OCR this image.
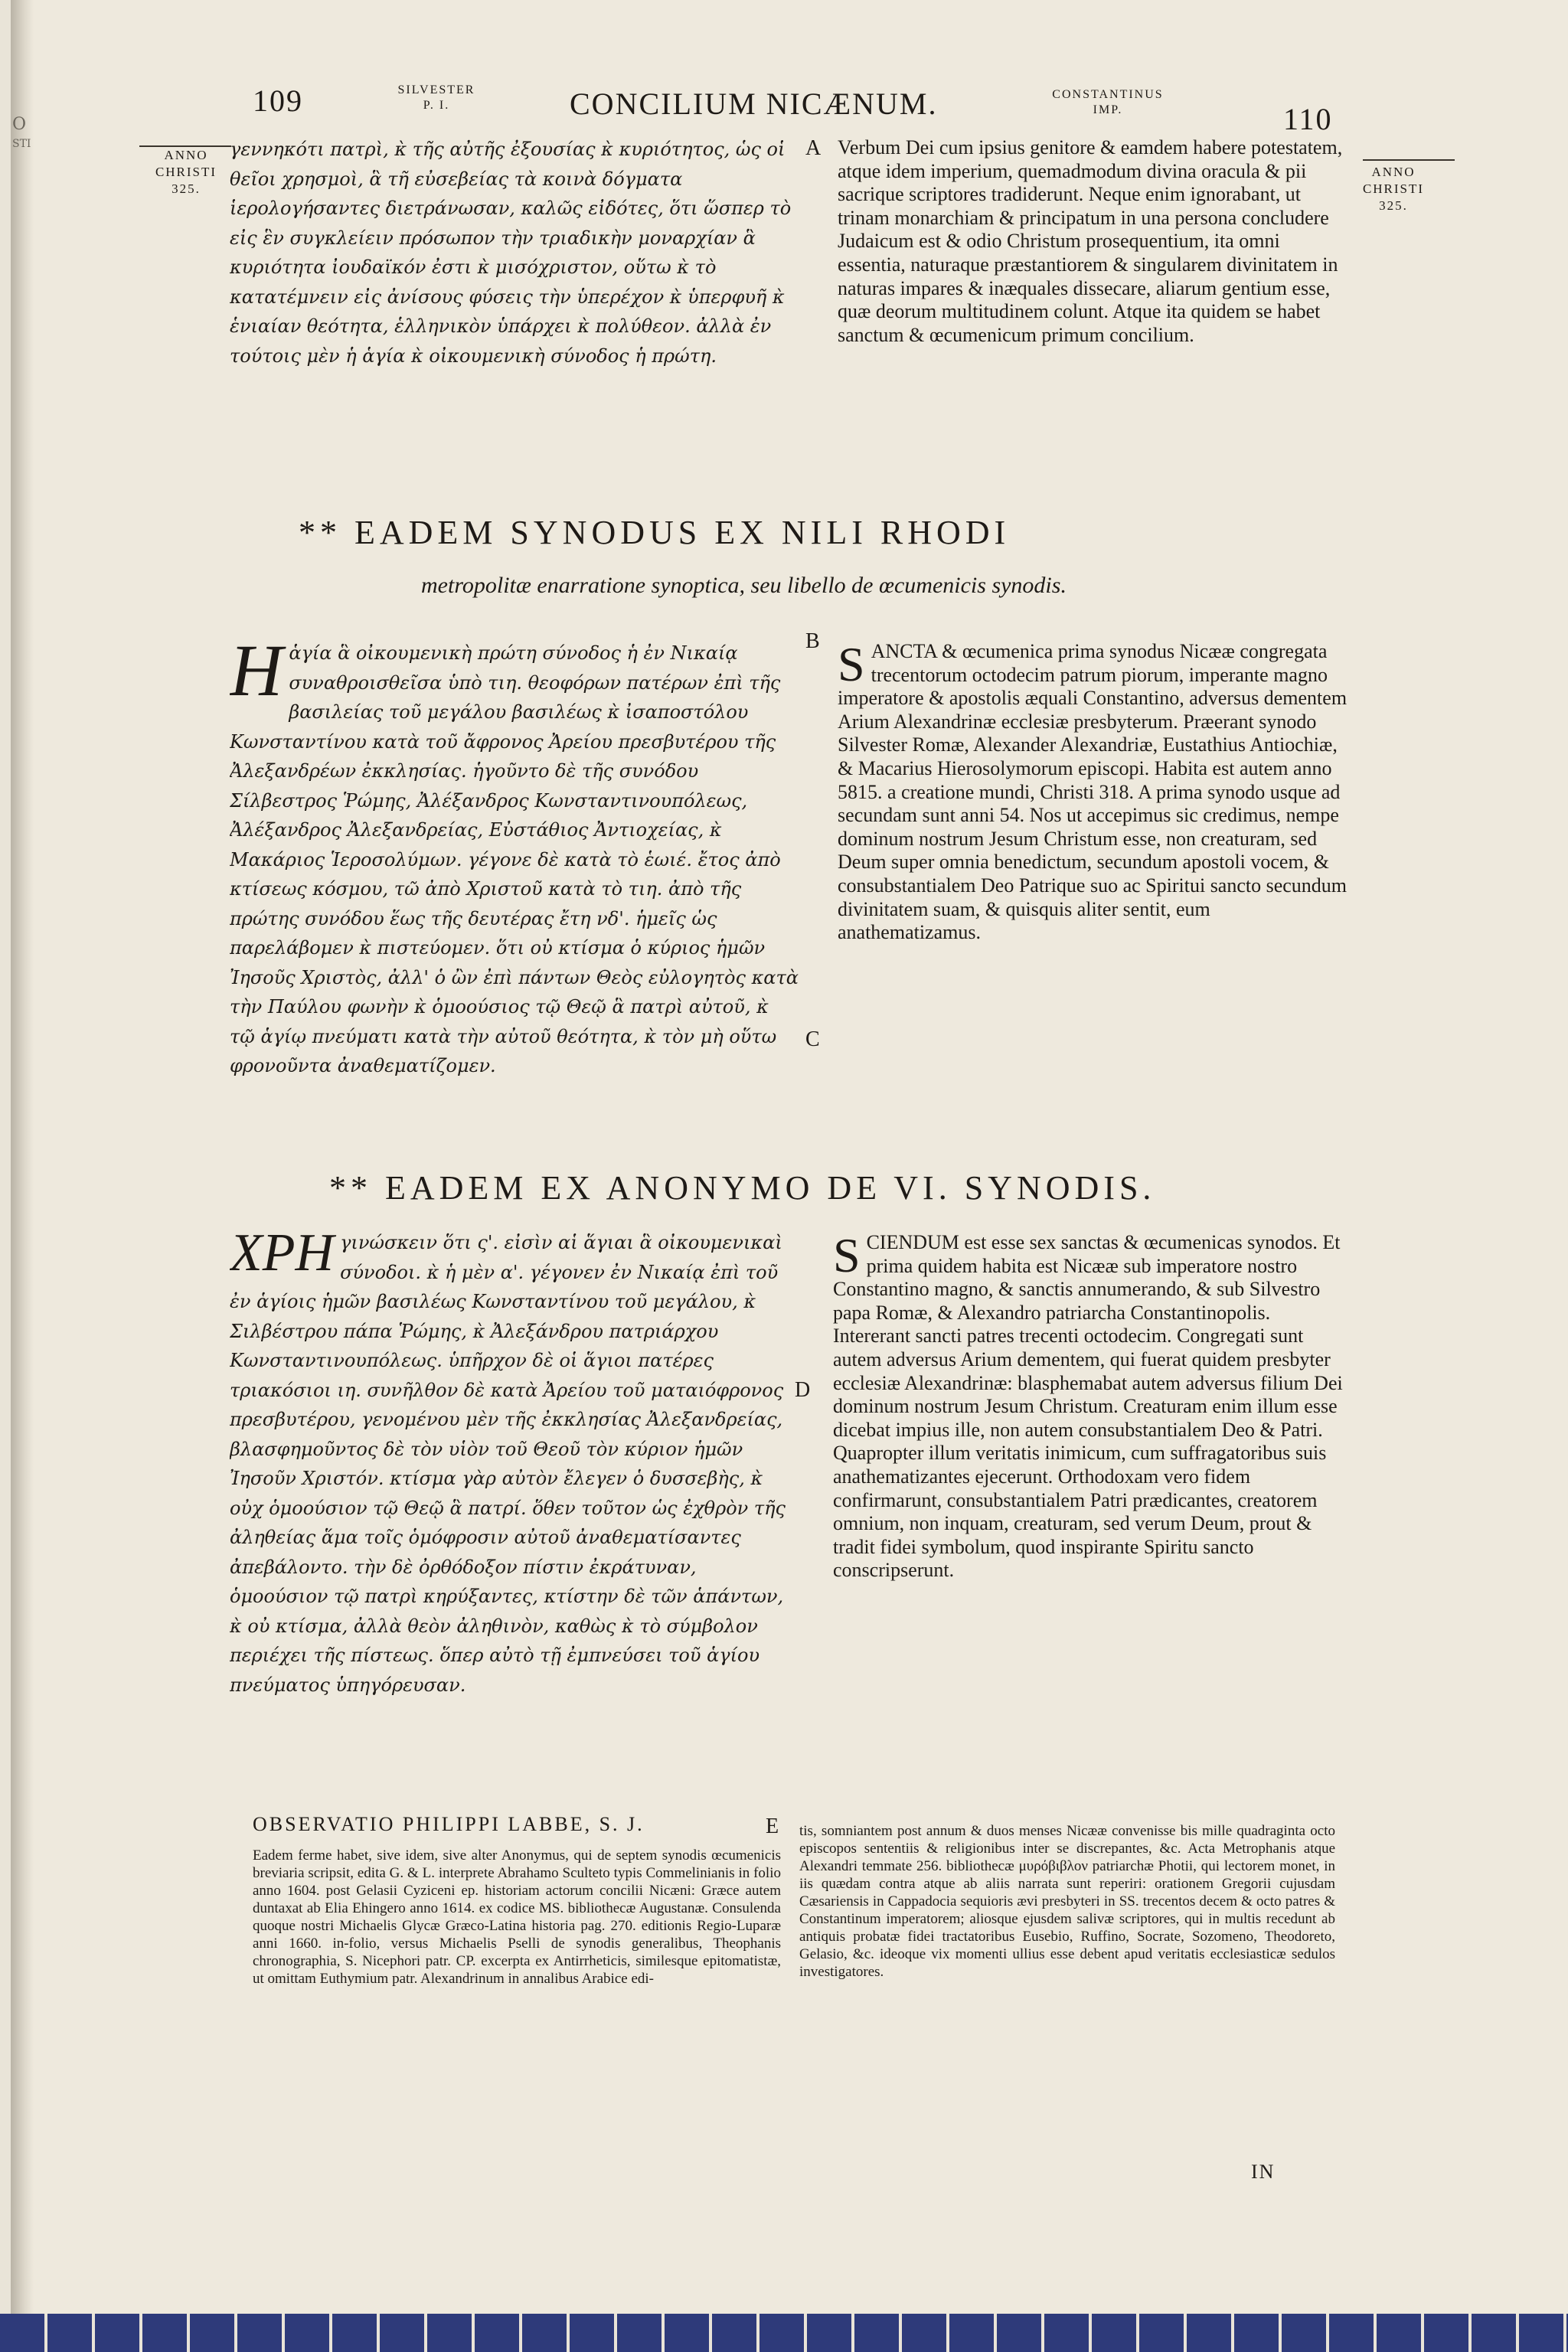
O
STI
109	SILVESTER
P. I.	CONCILIUM NICÆNUM.	CONSTANTINUS
IMP.	110
ANNO
CHRISTI
325.
ANNO
CHRISTI
325.
γεννηκότι πατρὶ, κ̀ τῆς αὐτῆς ἐξουσίας κ̀ κυριότητος, ὡς οἱ θεῖοι χρησμοὶ, ἃ τῆ εὐσεβείας τὰ κοινὰ δόγματα ἱερολογήσαντες διετράνωσαν, καλῶς εἰδότες, ὅτι ὥσπερ τὸ εἰς ἓν συγκλείειν πρόσωπον τὴν τριαδικὴν μοναρχίαν ἃ κυριότητα ἰουδαϊκόν ἐστι κ̀ μισόχριστον, οὕτω κ̀ τὸ κατατέμνειν εἰς ἀνίσους φύσεις τὴν ὑπερέχον κ̀ ὑπερφυῆ κ̀ ἑνιαίαν θεότητα, ἑλληνικὸν ὑπάρχει κ̀ πολύθεον. ἀλλὰ ἐν τούτοις μὲν ἡ ἁγία κ̀ οἰκουμενικὴ σύνοδος ἡ πρώτη.
A Verbum Dei cum ipsius genitore & eamdem habere potestatem, atque idem imperium, quemadmodum divina oracula & pii sacrique scriptores tradiderunt. Neque enim ignorabant, ut trinam monarchiam & principatum in una persona concludere Judaicum est & odio Christum prosequentium, ita omni essentia, naturaque præstantiorem & singularem divinitatem in naturas impares & inæquales dissecare, aliarum gentium esse, quæ deorum multitudinem colunt. Atque ita quidem se habet sanctum & œcumenicum primum concilium.
** EADEM SYNODUS EX NILI RHODI
metropolitæ enarratione synoptica, seu libello de œcumenicis synodis.
Ηἁγία ἃ οἰκουμενικὴ πρώτη σύνοδος ἡ ἐν Νικαίᾳ συναθροισθεῖσα ὑπὸ τιη. θεοφόρων πατέρων ἐπὶ τῆς βασιλείας τοῦ μεγάλου βασιλέως κ̀ ἰσαποστόλου Κωνσταντίνου κατὰ τοῦ ἄφρονος Ἀρείου πρεσβυτέρου τῆς Ἀλεξανδρέων ἐκκλησίας. ἡγοῦντο δὲ τῆς συνόδου Σίλβεστρος Ῥώμης, Ἀλέξανδρος Κωνσταντινουπόλεως, Ἀλέξανδρος Ἀλεξανδρείας, Εὐστάθιος Ἀντιοχείας, κ̀ Μακάριος Ἱεροσολύμων. γέγονε δὲ κατὰ τὸ ἑωιέ. ἔτος ἀπὸ κτίσεως κόσμου, τῶ ἀπὸ Χριστοῦ κατὰ τὸ τιη. ἀπὸ τῆς πρώτης συνόδου ἕως τῆς δευτέρας ἔτη νδ'. ἡμεῖς ὡς παρελάβομεν κ̀ πιστεύομεν. ὅτι οὐ κτίσμα ὁ κύριος ἡμῶν Ἰησοῦς Χριστὸς, ἀλλ' ὁ ὢν ἐπὶ πάντων Θεὸς εὐλογητὸς κατὰ τὴν Παύλου φωνὴν κ̀ ὁμοούσιος τῷ Θεῷ ἃ πατρὶ αὐτοῦ, κ̀ τῷ ἁγίῳ πνεύματι κατὰ τὴν αὐτοῦ θεότητα, κ̀ τὸν μὴ οὕτω φρονοῦντα ἀναθεματίζομεν.
B
C
SANCTA & œcumenica prima synodus Nicææ congregata trecentorum octodecim patrum piorum, imperante magno imperatore & apostolis æquali Constantino, adversus dementem Arium Alexandrinæ ecclesiæ presbyterum. Præerant synodo Silvester Romæ, Alexander Alexandriæ, Eustathius Antiochiæ, & Macarius Hierosolymorum episcopi. Habita est autem anno 5815. a creatione mundi, Christi 318. A prima synodo usque ad secundam sunt anni 54. Nos ut accepimus sic credimus, nempe dominum nostrum Jesum Christum esse, non creaturam, sed Deum super omnia benedictum, secundum apostoli vocem, & consubstantialem Deo Patrique suo ac Spiritui sancto secundum divinitatem suam, & quisquis aliter sentit, eum anathematizamus.
** EADEM EX ANONYMO DE VI. SYNODIS.
ΧΡΗ γινώσκειν ὅτι ς'. εἰσὶν αἱ ἅγιαι ἃ οἰκουμενικαὶ σύνοδοι. κ̀ ἡ μὲν α'. γέγονεν ἐν Νικαίᾳ ἐπὶ τοῦ ἐν ἁγίοις ἡμῶν βασιλέως Κωνσταντίνου τοῦ μεγάλου, κ̀ Σιλβέστρου πάπα Ῥώμης, κ̀ Ἀλεξάνδρου πατριάρχου Κωνσταντινουπόλεως. ὑπῆρχον δὲ οἱ ἅγιοι πατέρες τριακόσιοι ιη. συνῆλθον δὲ κατὰ Ἀρείου τοῦ ματαιόφρονος πρεσβυτέρου, γενομένου μὲν τῆς ἐκκλησίας Ἀλεξανδρείας, βλασφημοῦντος δὲ τὸν υἱὸν τοῦ Θεοῦ τὸν κύριον ἡμῶν Ἰησοῦν Χριστόν. κτίσμα γὰρ αὐτὸν ἔλεγεν ὁ δυσσεβὴς, κ̀ οὐχ ὁμοούσιον τῷ Θεῷ ἃ πατρί. ὅθεν τοῦτον ὡς ἐχθρὸν τῆς ἀληθείας ἅμα τοῖς ὁμόφροσιν αὐτοῦ ἀναθεματίσαντες ἀπεβάλοντο. τὴν δὲ ὀρθόδοξον πίστιν ἐκράτυναν, ὁμοούσιον τῷ πατρὶ κηρύξαντες, κτίστην δὲ τῶν ἁπάντων, κ̀ οὐ κτίσμα, ἀλλὰ θεὸν ἀληθινὸν, καθὼς κ̀ τὸ σύμβολον περιέχει τῆς πίστεως. ὅπερ αὐτὸ τῇ ἐμπνεύσει τοῦ ἁγίου πνεύματος ὑπηγόρευσαν.
D
SCIENDUM est esse sex sanctas & œcumenicas synodos. Et prima quidem habita est Nicææ sub imperatore nostro Constantino magno, & sanctis annumerando, & sub Silvestro papa Romæ, & Alexandro patriarcha Constantinopolis. Intererant sancti patres trecenti octodecim. Congregati sunt autem adversus Arium dementem, qui fuerat quidem presbyter ecclesiæ Alexandrinæ: blasphemabat autem adversus filium Dei dominum nostrum Jesum Christum. Creaturam enim illum esse dicebat impius ille, non autem consubstantialem Deo & Patri. Quapropter illum veritatis inimicum, cum suffragatoribus suis anathematizantes ejecerunt. Orthodoxam vero fidem confirmarunt, consubstantialem Patri prædicantes, creatorem omnium, non inquam, creaturam, sed verum Deum, prout & tradit fidei symbolum, quod inspirante Spiritu sancto conscripserunt.
OBSERVATIO PHILIPPI LABBE, S. J.	E
Eadem ferme habet, sive idem, sive alter Anonymus, qui de septem synodis œcumenicis breviaria scripsit, edita G. & L. interprete Abrahamo Sculteto typis Commelinianis in folio anno 1604. post Gelasii Cyziceni ep. historiam actorum concilii Nicæni: Græce autem duntaxat ab Elia Ehingero anno 1614. ex codice MS. bibliothecæ Augustanæ. Consulenda quoque nostri Michaelis Glycæ Græco-Latina historia pag. 270. editionis Regio-Luparæ anni 1660. in-folio, versus Michaelis Pselli de synodis generalibus, Theophanis chronographia, S. Nicephori patr. CP. excerpta ex Antirrheticis, similesque epitomatistæ, ut omittam Euthymium patr. Alexandrinum in annalibus Arabice edi-
tis, somniantem post annum & duos menses Nicææ convenisse bis mille quadraginta octo episcopos sententiis & religionibus inter se discrepantes, &c. Acta Metrophanis atque Alexandri temmate 256. bibliothecæ μυρόβιβλον patriarchæ Photii, qui lectorem monet, in iis quædam contra atque ab aliis narrata sunt reperiri: orationem Gregorii cujusdam Cæsariensis in Cappadocia sequioris ævi presbyteri in SS. trecentos decem & octo patres & Constantinum imperatorem; aliosque ejusdem salivæ scriptores, qui in multis recedunt ab antiquis probatæ fidei tractatoribus Eusebio, Ruffino, Socrate, Sozomeno, Theodoreto, Gelasio, &c. ideoque vix momenti ullius esse debent apud veritatis ecclesiasticæ sedulos investigatores.
IN
